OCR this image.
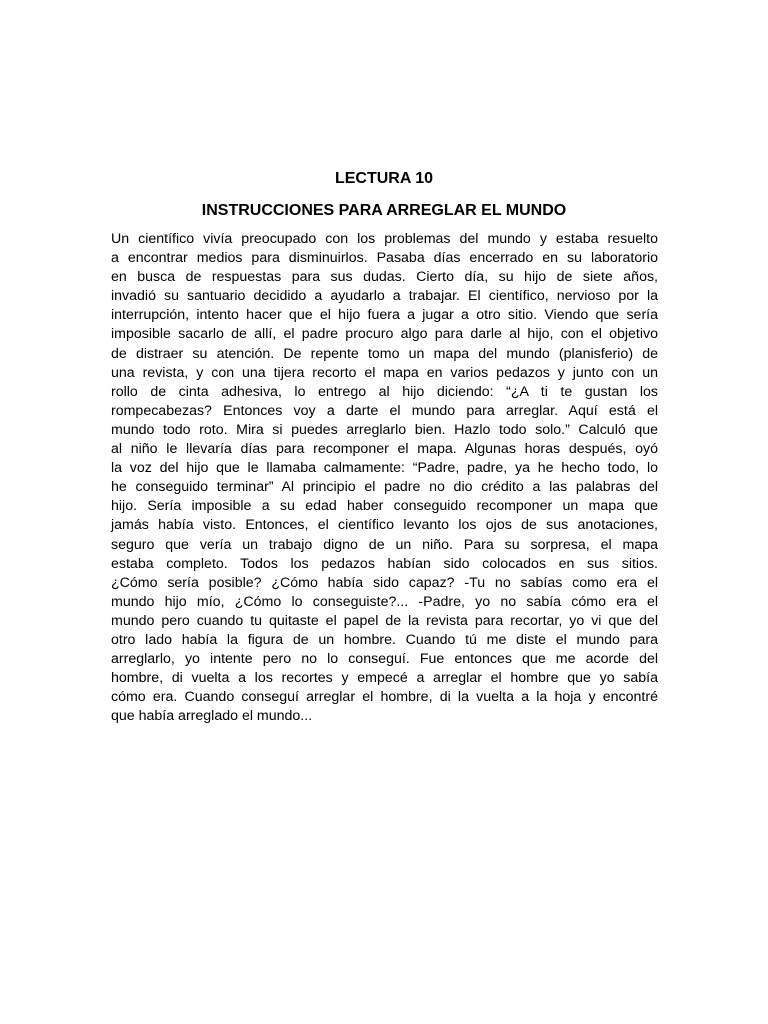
LECTURA 10
INSTRUCCIONES PARA ARREGLAR EL MUNDO
Un científico vivía preocupado con los problemas del mundo y estaba resuelto
a encontrar medios para disminuirlos. Pasaba días encerrado en su laboratorio
en busca de respuestas para sus dudas. Cierto día, su hijo de siete años,
invadió su santuario decidido a ayudarlo a trabajar. El científico, nervioso por la
interrupción, intento hacer que el hijo fuera a jugar a otro sitio. Viendo que sería
imposible sacarlo de allí, el padre procuro algo para darle al hijo, con el objetivo
de distraer su atención. De repente tomo un mapa del mundo (planisferio) de
una revista, y con una tijera recorto el mapa en varios pedazos y junto con un
rollo de cinta adhesiva, lo entrego al hijo diciendo: “¿A ti te gustan los
rompecabezas? Entonces voy a darte el mundo para arreglar. Aquí está el
mundo todo roto. Mira si puedes arreglarlo bien. Hazlo todo solo.” Calculó que
al niño le llevaría días para recomponer el mapa. Algunas horas después, oyó
la voz del hijo que le llamaba calmamente: “Padre, padre, ya he hecho todo, lo
he conseguido terminar” Al principio el padre no dio crédito a las palabras del
hijo. Sería imposible a su edad haber conseguido recomponer un mapa que
jamás había visto. Entonces, el científico levanto los ojos de sus anotaciones,
seguro que vería un trabajo digno de un niño. Para su sorpresa, el mapa
estaba completo. Todos los pedazos habían sido colocados en sus sitios.
¿Cómo sería posible? ¿Cómo había sido capaz? -Tu no sabías como era el
mundo hijo mío, ¿Cómo lo conseguiste?... -Padre, yo no sabía cómo era el
mundo pero cuando tu quitaste el papel de la revista para recortar, yo vi que del
otro lado había la figura de un hombre. Cuando tú me diste el mundo para
arreglarlo, yo intente pero no lo conseguí. Fue entonces que me acorde del
hombre, di vuelta a los recortes y empecé a arreglar el hombre que yo sabía
cómo era. Cuando conseguí arreglar el hombre, di la vuelta a la hoja y encontré
que había arreglado el mundo...
